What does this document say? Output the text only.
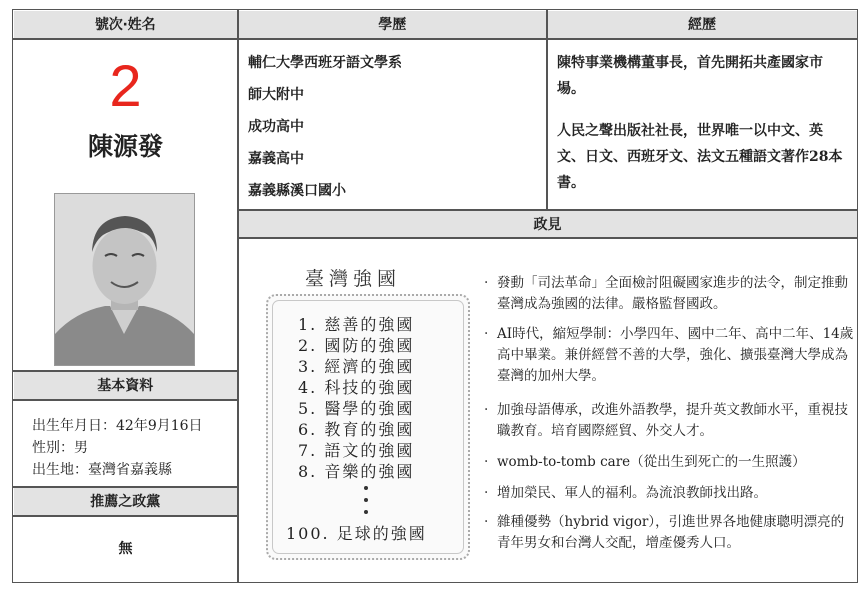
號次‧姓名	學歷	經歷
政見
基本資料
推薦之政黨
2
陳源發
出生年月日：42年9月16日
性別：男
出生地：臺灣省嘉義縣
無
輔仁大學西班牙語文學系
師大附中
成功高中
嘉義高中
嘉義縣溪口國小
陳特事業機構董事長，首先開拓共產國家市場。
人民之聲出版社社長，世界唯一以中文、英文、日文、西班牙文、法文五種語文著作28本書。
臺灣強國
1. 慈善的強國
2. 國防的強國
3. 經濟的強國
4. 科技的強國
5. 醫學的強國
6. 教育的強國
7. 語文的強國
8. 音樂的強國
100. 足球的強國
‧ 發動「司法革命」全面檢討阻礙國家進步的法令，制定推動臺灣成為強國的法律。嚴格監督國政。
‧ AI時代，縮短學制：小學四年、國中二年、高中二年、14歲高中畢業。兼併經營不善的大學，強化、擴張臺灣大學成為臺灣的加州大學。
‧ 加強母語傳承，改進外語教學，提升英文教師水平，重視技職教育。培育國際經貿、外交人才。
‧ womb-to-tomb care（從出生到死亡的一生照護）
‧ 增加榮民、軍人的福利。為流浪教師找出路。
‧ 雜種優勢（hybrid vigor），引進世界各地健康聰明漂亮的青年男女和台灣人交配，增產優秀人口。
